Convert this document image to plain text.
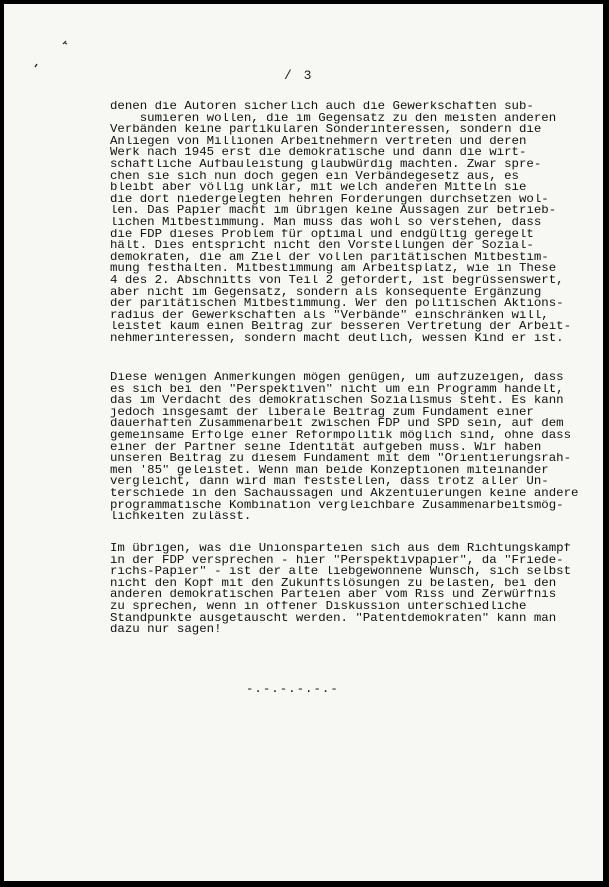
/ 3
denen die Autoren sicherlich auch die Gewerkschaften sub-
sumieren wollen, die im Gegensatz zu den meisten anderen
Verbänden keine partikularen Sonderinteressen, sondern die
Anliegen von Millionen Arbeitnehmern vertreten und deren
Werk nach 1945 erst die demokratische und dann die wirt-
schaftliche Aufbauleistung glaubwürdig machten. Zwar spre-
chen sie sich nun doch gegen ein Verbändegesetz aus, es
bleibt aber völlig unklar, mit welch anderen Mitteln sie
die dort niedergelegten hehren Forderungen durchsetzen wol-
len. Das Papier macht im übrigen keine Aussagen zur betrieb-
lichen Mitbestimmung. Man muss das wohl so verstehen, dass
die FDP dieses Problem für optimal und endgültig geregelt
hält. Dies entspricht nicht den Vorstellungen der Sozial-
demokraten, die am Ziel der vollen paritätischen Mitbestim-
mung festhalten. Mitbestimmung am Arbeitsplatz, wie in These
4 des 2. Abschnitts von Teil 2 gefordert, ist begrüssenswert,
aber nicht im Gegensatz, sondern als konsequente Ergänzung
der paritätischen Mitbestimmung. Wer den politischen Aktions-
radius der Gewerkschaften als "Verbände" einschränken will,
leistet kaum einen Beitrag zur besseren Vertretung der Arbeit-
nehmerinteressen, sondern macht deutlich, wessen Kind er ist.
Diese wenigen Anmerkungen mögen genügen, um aufzuzeigen, dass
es sich bei den "Perspektiven" nicht um ein Programm handelt,
das im Verdacht des demokratischen Sozialismus steht. Es kann
jedoch insgesamt der liberale Beitrag zum Fundament einer
dauerhaften Zusammenarbeit zwischen FDP und SPD sein, auf dem
gemeinsame Erfolge einer Reformpolitik möglich sind, ohne dass
einer der Partner seine Identität aufgeben muss. Wir haben
unseren Beitrag zu diesem Fundament mit dem "Orientierungsrah-
men '85" geleistet. Wenn man beide Konzeptionen miteinander
vergleicht, dann wird man feststellen, dass trotz aller Un-
terschiede in den Sachaussagen und Akzentuierungen keine andere
programmatische Kombination vergleichbare Zusammenarbeitsmög-
lichkeiten zulässt.
Im übrigen, was die Unionsparteien sich aus dem Richtungskampf
in der FDP versprechen - hier "Perspektivpapier", da "Friede-
richs-Papier" - ist der alte liebgewonnene Wunsch, sich selbst
nicht den Kopf mit den Zukunftslösungen zu belasten, bei den
anderen demokratischen Parteien aber vom Riss und Zerwürfnis
zu sprechen, wenn in offener Diskussion unterschiedliche
Standpunkte ausgetauscht werden. "Patentdemokraten" kann man
dazu nur sagen!
-.-.-.-.-.-
